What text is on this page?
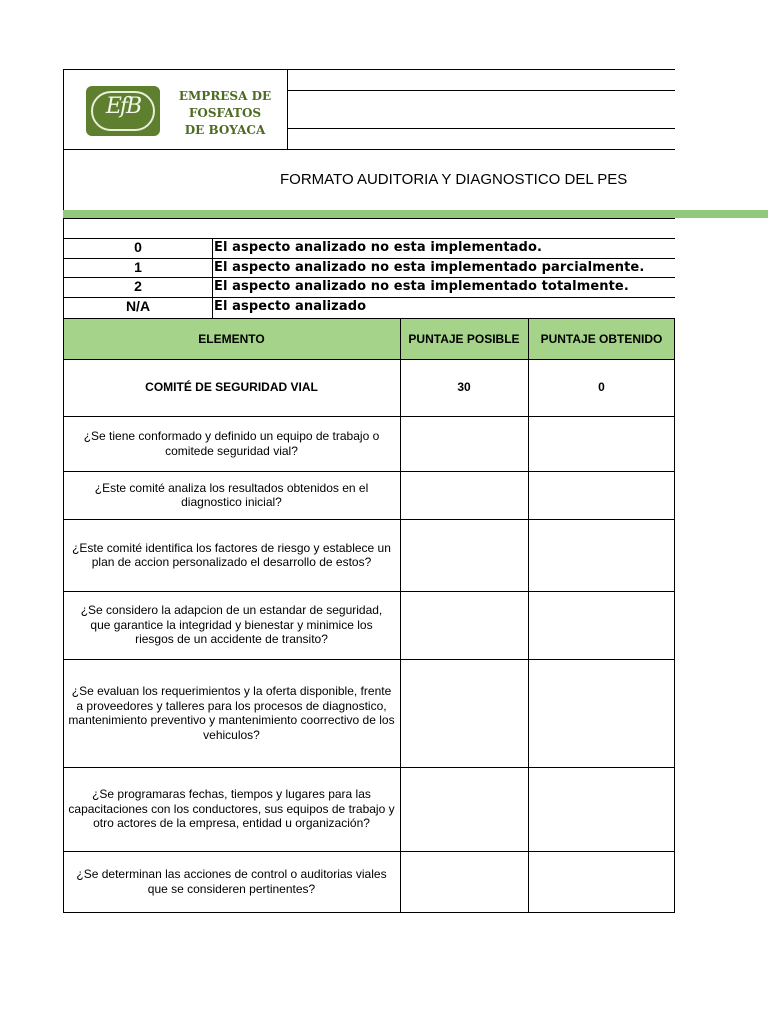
EfB	EMPRESA DE
FOSFATOS
DE BOYACA
FORMATO AUDITORIA Y DIAGNOSTICO DEL PES
0	El aspecto analizado no esta implementado.
1	El aspecto analizado no esta implementado parcialmente.
2	El aspecto analizado no esta implementado totalmente.
N/A	El aspecto analizado
ELEMENTO	PUNTAJE POSIBLE	PUNTAJE OBTENIDO
COMITÉ DE SEGURIDAD VIAL	30	0
¿Se tiene conformado y definido un equipo de trabajo o comitede seguridad vial?
¿Este comité analiza los resultados obtenidos en el diagnostico inicial?
¿Este comité identifica los factores de riesgo y establece un plan de accion personalizado el desarrollo de estos?
¿Se considero la adapcion de un estandar de seguridad, que garantice la integridad y bienestar y minimice los riesgos de un accidente de transito?
¿Se evaluan los requerimientos y la oferta disponible, frente a proveedores y talleres para los procesos de diagnostico, mantenimiento preventivo y mantenimiento coorrectivo de los vehiculos?
¿Se programaras fechas, tiempos y lugares para las capacitaciones con los conductores, sus equipos de trabajo y otro actores de la empresa, entidad u organización?
¿Se determinan las acciones de control o auditorias viales que se consideren pertinentes?
